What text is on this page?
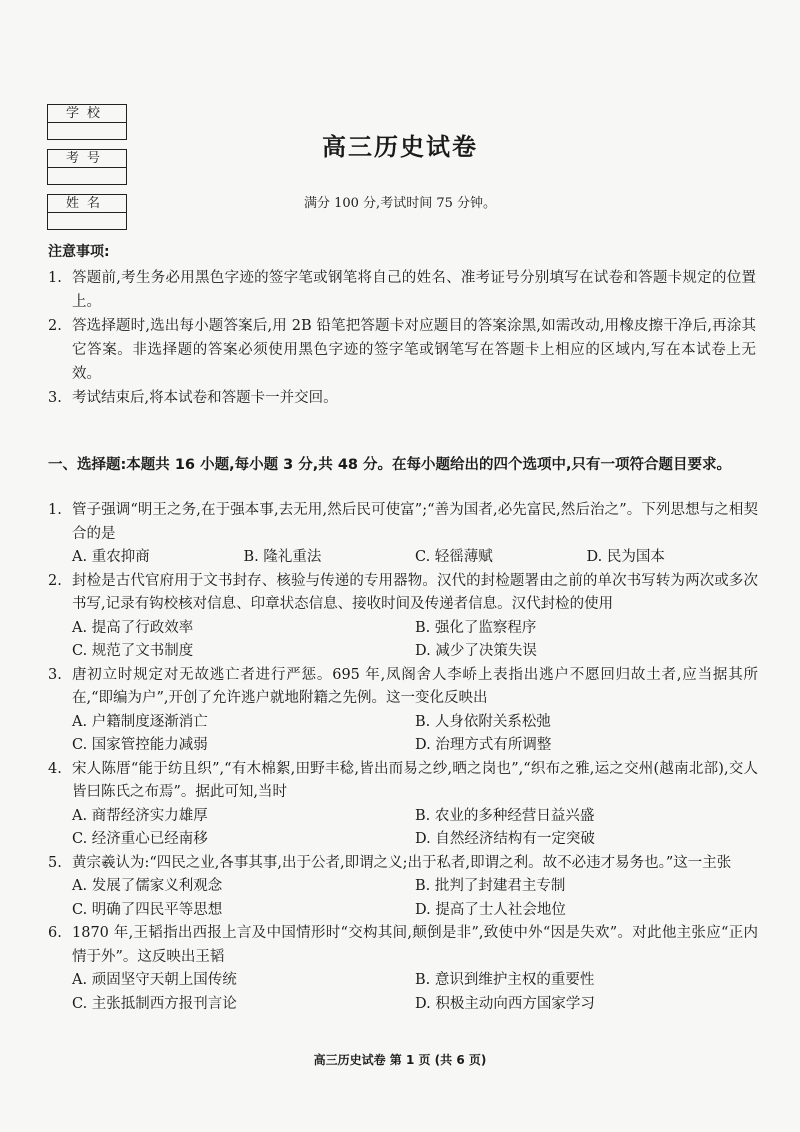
学校
考号
姓名
高三历史试卷
满分 100 分,考试时间 75 分钟。
注意事项:
1. 答题前,考生务必用黑色字迹的签字笔或钢笔将自己的姓名、准考证号分别填写在试卷和答题卡规定的位置上。
2. 答选择题时,选出每小题答案后,用 2B 铅笔把答题卡对应题目的答案涂黑,如需改动,用橡皮擦干净后,再涂其它答案。非选择题的答案必须使用黑色字迹的签字笔或钢笔写在答题卡上相应的区域内,写在本试卷上无效。
3. 考试结束后,将本试卷和答题卡一并交回。
一、选择题:本题共 16 小题,每小题 3 分,共 48 分。在每小题给出的四个选项中,只有一项符合题目要求。
1. 管子强调“明王之务,在于强本事,去无用,然后民可使富”;“善为国者,必先富民,然后治之”。下列思想与之相契合的是
A. 重农抑商	B. 隆礼重法	C. 轻徭薄赋	D. 民为国本
2. 封检是古代官府用于文书封存、核验与传递的专用器物。汉代的封检题署由之前的单次书写转为两次或多次书写,记录有钩校核对信息、印章状态信息、接收时间及传递者信息。汉代封检的使用
A. 提高了行政效率	B. 强化了监察程序
C. 规范了文书制度	D. 减少了决策失误
3. 唐初立时规定对无故逃亡者进行严惩。695 年,凤阁舍人李峤上表指出逃户不愿回归故土者,应当据其所在,“即编为户”,开创了允许逃户就地附籍之先例。这一变化反映出
A. 户籍制度逐渐消亡	B. 人身依附关系松弛
C. 国家管控能力减弱	D. 治理方式有所调整
4. 宋人陈厝“能于纺且织”,“有木棉絮,田野丰稔,皆出而易之纱,晒之岗也”,“织布之雅,运之交州(越南北部),交人皆曰陈氏之布焉”。据此可知,当时
A. 商帮经济实力雄厚	B. 农业的多种经营日益兴盛
C. 经济重心已经南移	D. 自然经济结构有一定突破
5. 黄宗羲认为:“四民之业,各事其事,出于公者,即谓之义;出于私者,即谓之利。故不必违才易务也。”这一主张
A. 发展了儒家义利观念	B. 批判了封建君主专制
C. 明确了四民平等思想	D. 提高了士人社会地位
6. 1870 年,王韬指出西报上言及中国情形时“交构其间,颠倒是非”,致使中外“因是失欢”。对此他主张应“正内情于外”。这反映出王韬
A. 顽固坚守天朝上国传统	B. 意识到维护主权的重要性
C. 主张抵制西方报刊言论	D. 积极主动向西方国家学习
高三历史试卷 第 1 页 (共 6 页)
